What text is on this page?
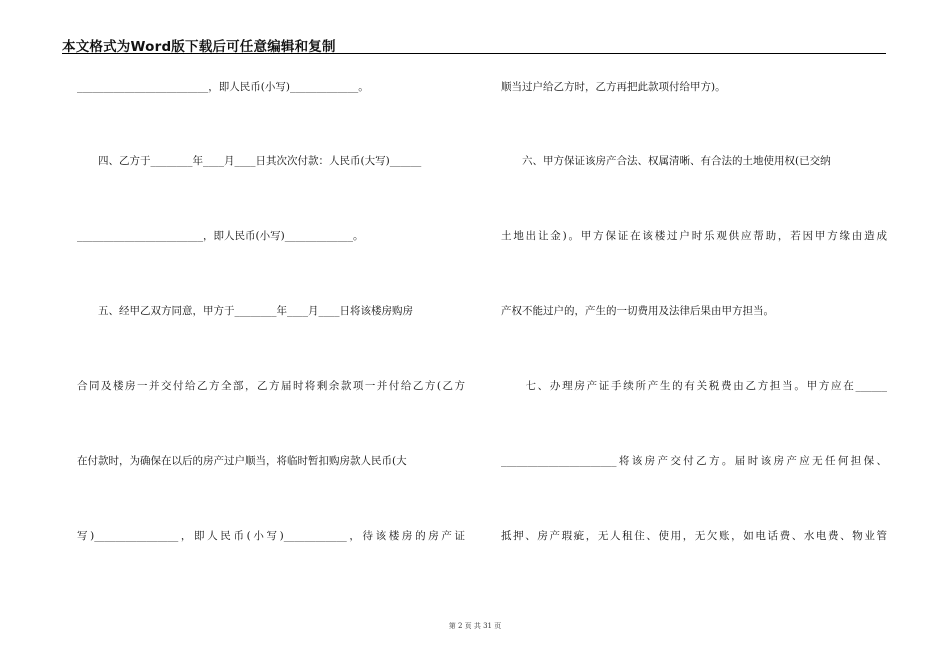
本文格式为Word版下载后可任意编辑和复制
_________________________，即人民币(小写)_____________。
　　四、乙方于________年____月____日其次次付款：人民币(大写)______
________________________，即人民币(小写)_____________。
　　五、经甲乙双方同意，甲方于________年____月____日将该楼房购房
合同及楼房一并交付给乙方全部，乙方届时将剩余款项一并付给乙方(乙方
在付款时，为确保在以后的房产过户顺当，将临时暂扣购房款人民币(大
写)________________，即人民币(小写)____________，待该楼房的房产证
顺当过户给乙方时，乙方再把此款项付给甲方)。
　　六、甲方保证该房产合法、权属清晰、有合法的土地使用权(已交纳
土地出让金)。甲方保证在该楼过户时乐观供应帮助，若因甲方缘由造成
产权不能过户的，产生的一切费用及法律后果由甲方担当。
　　七、办理房产证手续所产生的有关税费由乙方担当。甲方应在______
______________________将该房产交付乙方。届时该房产应无任何担保、
抵押、房产瑕疵，无人租住、使用，无欠账，如电话费、水电费、物业管
第 2 页 共 31 页
